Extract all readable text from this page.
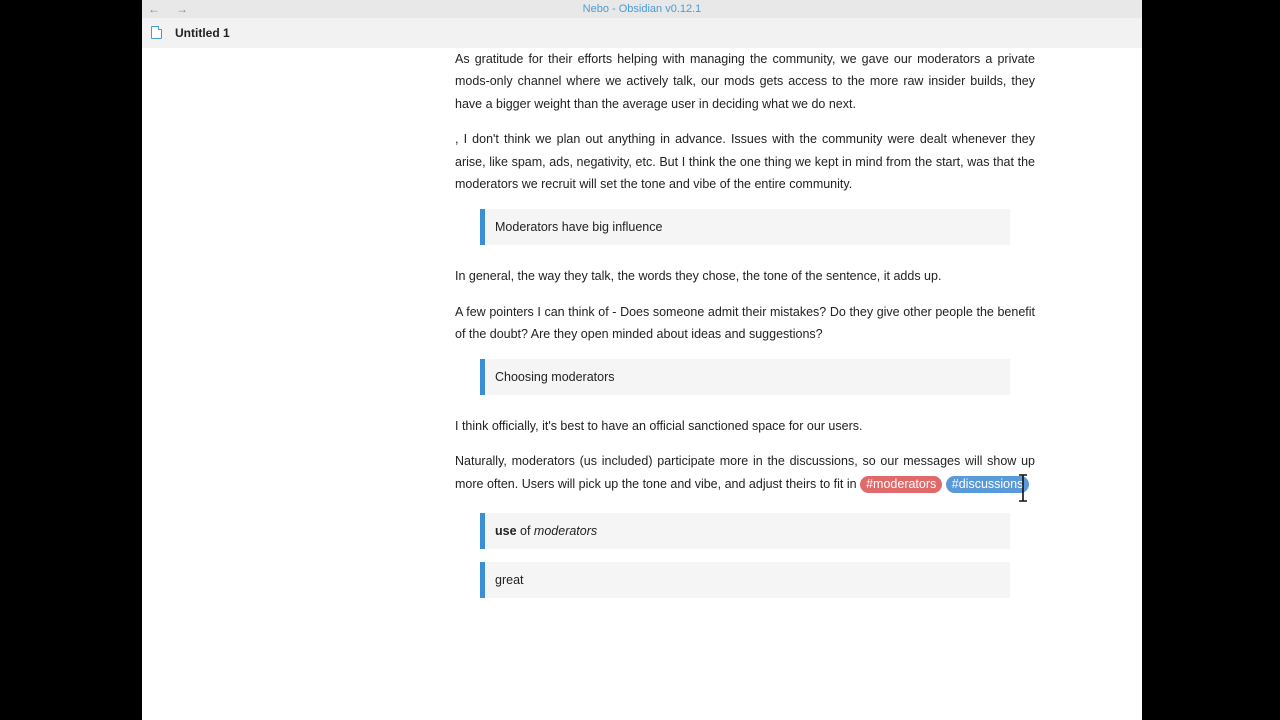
← →	Nebo - Obsidian v0.12.1
Untitled 1

As gratitude for their efforts helping with managing the community, we gave our moderators a private mods-only channel where we actively talk, our mods gets access to the more raw insider builds, they have a bigger weight than the average user in deciding what we do next.

, I don't think we plan out anything in advance. Issues with the community were dealt whenever they arise, like spam, ads, negativity, etc. But I think the one thing we kept in mind from the start, was that the moderators we recruit will set the tone and vibe of the entire community.

Moderators have big influence

In general, the way they talk, the words they chose, the tone of the sentence, it adds up.

A few pointers I can think of - Does someone admit their mistakes? Do they give other people the benefit of the doubt? Are they open minded about ideas and suggestions?

Choosing moderators

I think officially, it's best to have an official sanctioned space for our users.

Naturally, moderators (us included) participate more in the discussions, so our messages will show up more often. Users will pick up the tone and vibe, and adjust theirs to fit in #moderators #discussions

use of moderators
great
